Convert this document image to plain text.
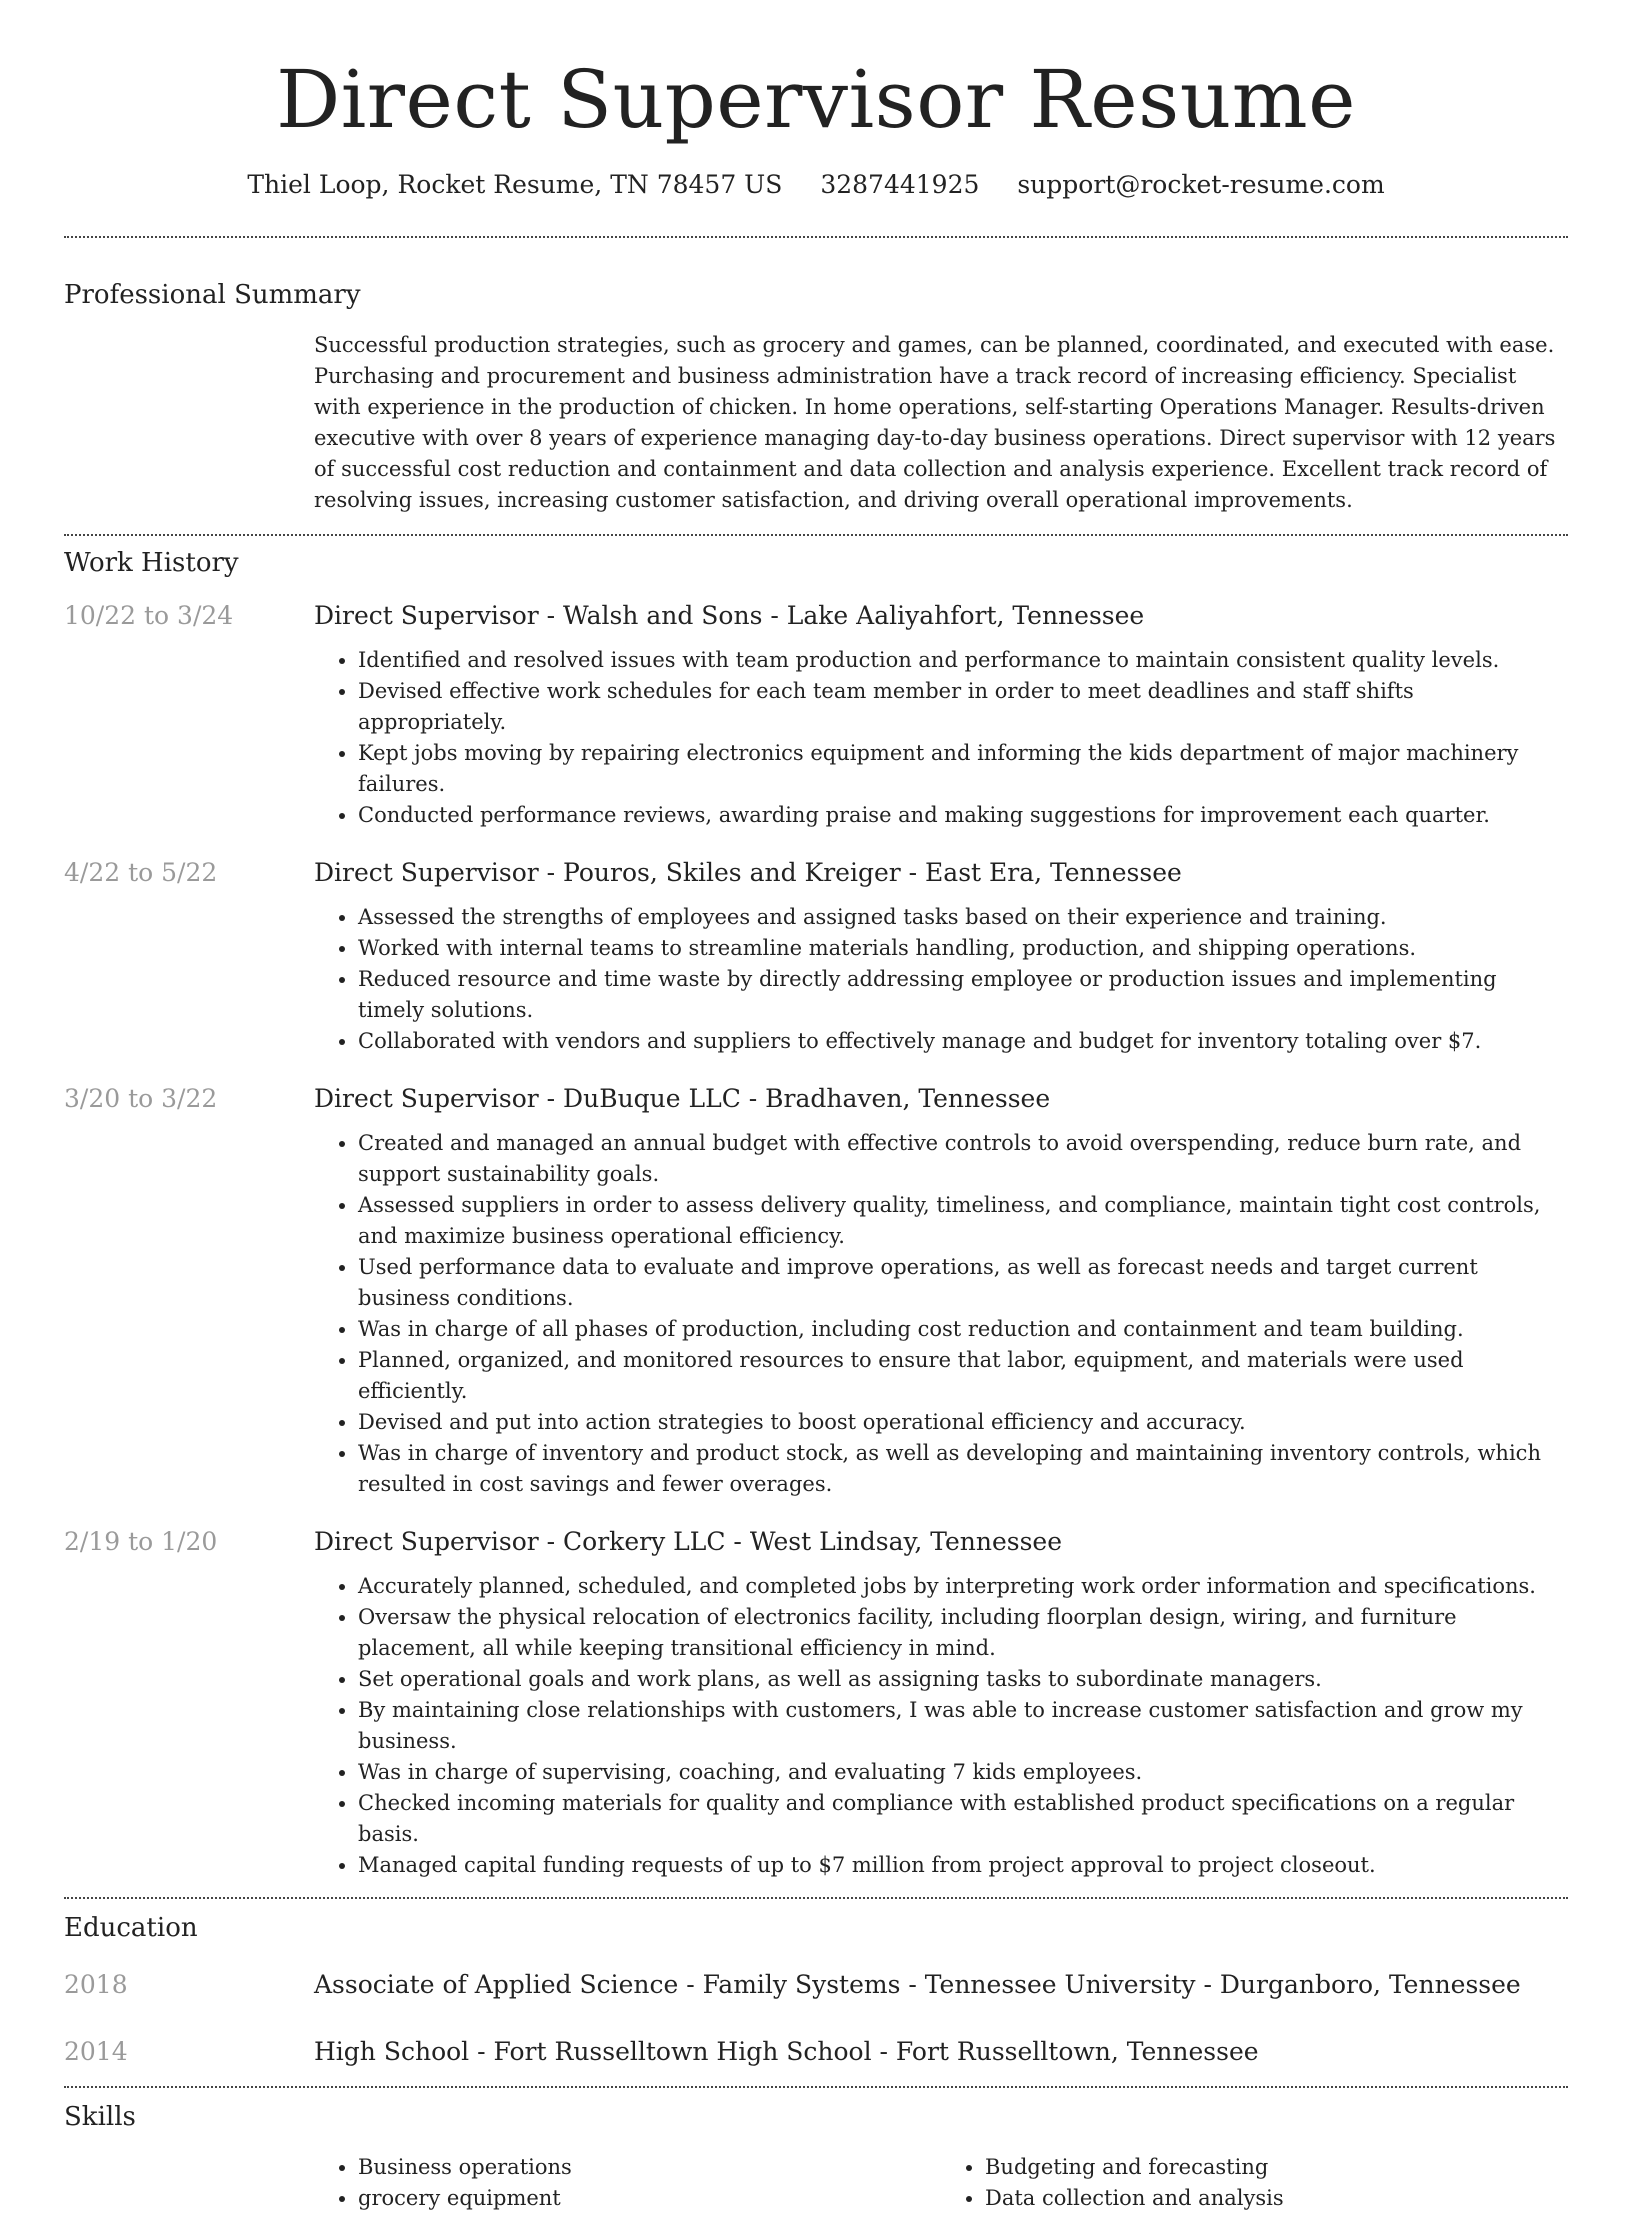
Direct Supervisor Resume
Thiel Loop, Rocket Resume, TN 78457 US 3287441925 support@rocket-resume.com
Professional Summary

Successful production strategies, such as grocery and games, can be planned, coordinated, and executed with ease. Purchasing and procurement and business administration have a track record of increasing efficiency. Specialist with experience in the production of chicken. In home operations, self-starting Operations Manager. Results-driven executive with over 8 years of experience managing day-to-day business operations. Direct supervisor with 12 years of successful cost reduction and containment and data collection and analysis experience. Excellent track record of resolving issues, increasing customer satisfaction, and driving overall operational improvements.

Work History
10/22 to 3/24	Direct Supervisor - Walsh and Sons - Lake Aaliyahfort, Tennessee
• Identified and resolved issues with team production and performance to maintain consistent quality levels.
• Devised effective work schedules for each team member in order to meet deadlines and staff shifts appropriately.
• Kept jobs moving by repairing electronics equipment and informing the kids department of major machinery failures.
• Conducted performance reviews, awarding praise and making suggestions for improvement each quarter.
4/22 to 5/22	Direct Supervisor - Pouros, Skiles and Kreiger - East Era, Tennessee
• Assessed the strengths of employees and assigned tasks based on their experience and training.
• Worked with internal teams to streamline materials handling, production, and shipping operations.
• Reduced resource and time waste by directly addressing employee or production issues and implementing timely solutions.
• Collaborated with vendors and suppliers to effectively manage and budget for inventory totaling over $7.
3/20 to 3/22	Direct Supervisor - DuBuque LLC - Bradhaven, Tennessee
• Created and managed an annual budget with effective controls to avoid overspending, reduce burn rate, and support sustainability goals.
• Assessed suppliers in order to assess delivery quality, timeliness, and compliance, maintain tight cost controls, and maximize business operational efficiency.
• Used performance data to evaluate and improve operations, as well as forecast needs and target current business conditions.
• Was in charge of all phases of production, including cost reduction and containment and team building.
• Planned, organized, and monitored resources to ensure that labor, equipment, and materials were used efficiently.
• Devised and put into action strategies to boost operational efficiency and accuracy.
• Was in charge of inventory and product stock, as well as developing and maintaining inventory controls, which resulted in cost savings and fewer overages.
2/19 to 1/20	Direct Supervisor - Corkery LLC - West Lindsay, Tennessee
• Accurately planned, scheduled, and completed jobs by interpreting work order information and specifications.
• Oversaw the physical relocation of electronics facility, including floorplan design, wiring, and furniture placement, all while keeping transitional efficiency in mind.
• Set operational goals and work plans, as well as assigning tasks to subordinate managers.
• By maintaining close relationships with customers, I was able to increase customer satisfaction and grow my business.
• Was in charge of supervising, coaching, and evaluating 7 kids employees.
• Checked incoming materials for quality and compliance with established product specifications on a regular basis.
• Managed capital funding requests of up to $7 million from project approval to project closeout.
Education
2018	Associate of Applied Science - Family Systems - Tennessee University - Durganboro, Tennessee
2014	High School - Fort Russelltown High School - Fort Russelltown, Tennessee
Skills
• Business operations
• grocery equipment
• Budgeting and forecasting
• Data collection and analysis
